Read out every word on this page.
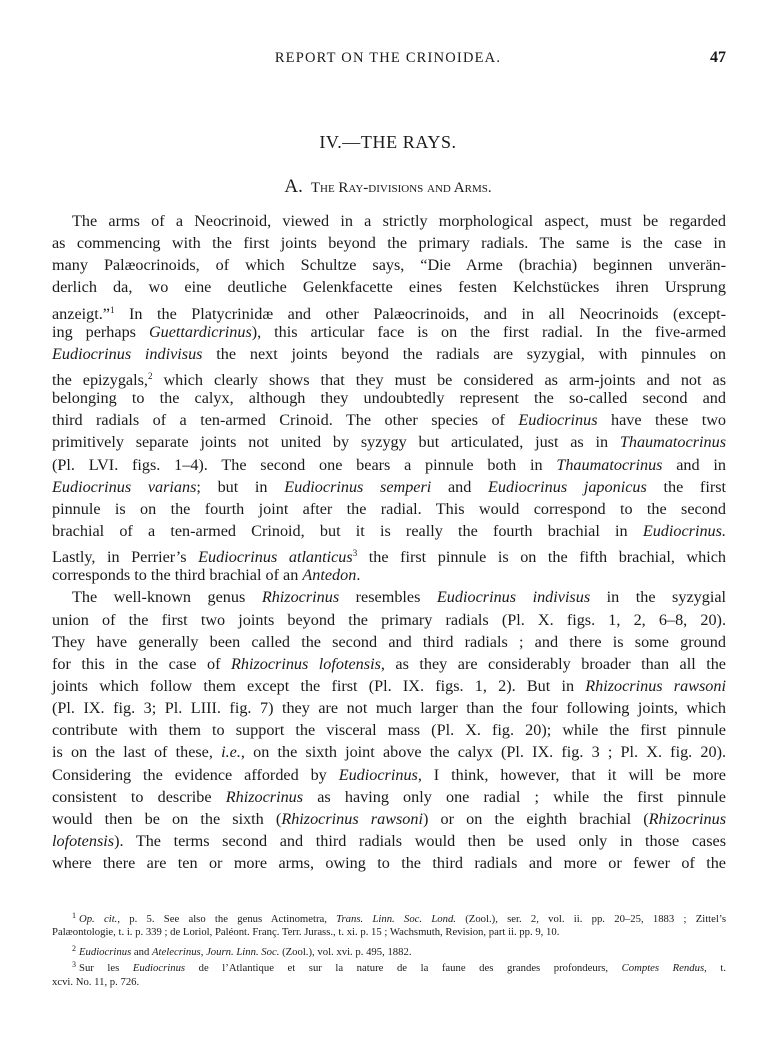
REPORT ON THE CRINOIDEA.	47
IV.—THE RAYS.
A. The Ray-divisions and Arms.
The arms of a Neocrinoid, viewed in a strictly morphological aspect, must be regarded
as commencing with the first joints beyond the primary radials. The same is the case in
many Palæocrinoids, of which Schultze says, “Die Arme (brachia) beginnen unverän-
derlich da, wo eine deutliche Gelenkfacette eines festen Kelchstückes ihren Ursprung
anzeigt.”$^1$ In the Platycrinidæ and other Palæocrinoids, and in all Neocrinoids (except-
ing perhaps Guettardicrinus), this articular face is on the first radial. In the five-armed
Eudiocrinus indivisus the next joints beyond the radials are syzygial, with pinnules on
the epizygals,$^2$ which clearly shows that they must be considered as arm-joints and not as
belonging to the calyx, although they undoubtedly represent the so-called second and
third radials of a ten-armed Crinoid. The other species of Eudiocrinus have these two
primitively separate joints not united by syzygy but articulated, just as in Thaumatocrinus
(Pl. LVI. figs. 1–4). The second one bears a pinnule both in Thaumatocrinus and in
Eudiocrinus varians; but in Eudiocrinus semperi and Eudiocrinus japonicus the first
pinnule is on the fourth joint after the radial. This would correspond to the second
brachial of a ten-armed Crinoid, but it is really the fourth brachial in Eudiocrinus.
Lastly, in Perrier’s Eudiocrinus atlanticus$^3$ the first pinnule is on the fifth brachial, which
corresponds to the third brachial of an Antedon.
The well-known genus Rhizocrinus resembles Eudiocrinus indivisus in the syzygial
union of the first two joints beyond the primary radials (Pl. X. figs. 1, 2, 6–8, 20).
They have generally been called the second and third radials ; and there is some ground
for this in the case of Rhizocrinus lofotensis, as they are considerably broader than all the
joints which follow them except the first (Pl. IX. figs. 1, 2). But in Rhizocrinus rawsoni
(Pl. IX. fig. 3; Pl. LIII. fig. 7) they are not much larger than the four following joints, which
contribute with them to support the visceral mass (Pl. X. fig. 20); while the first pinnule
is on the last of these, i.e., on the sixth joint above the calyx (Pl. IX. fig. 3 ; Pl. X. fig. 20).
Considering the evidence afforded by Eudiocrinus, I think, however, that it will be more
consistent to describe Rhizocrinus as having only one radial ; while the first pinnule
would then be on the sixth (Rhizocrinus rawsoni) or on the eighth brachial (Rhizocrinus
lofotensis). The terms second and third radials would then be used only in those cases
where there are ten or more arms, owing to the third radials and more or fewer of the
$^1$ Op. cit., p. 5. See also the genus Actinometra, Trans. Linn. Soc. Lond. (Zool.), ser. 2, vol. ii. pp. 20–25, 1883 ; Zittel’s
Palæontologie, t. i. p. 339 ; de Loriol, Paléont. Franç. Terr. Jurass., t. xi. p. 15 ; Wachsmuth, Revision, part ii. pp. 9, 10.
$^2$ Eudiocrinus and Atelecrinus, Journ. Linn. Soc. (Zool.), vol. xvi. p. 495, 1882.
$^3$ Sur les Eudiocrinus de l’Atlantique et sur la nature de la faune des grandes profondeurs, Comptes Rendus, t.
xcvi. No. 11, p. 726.
